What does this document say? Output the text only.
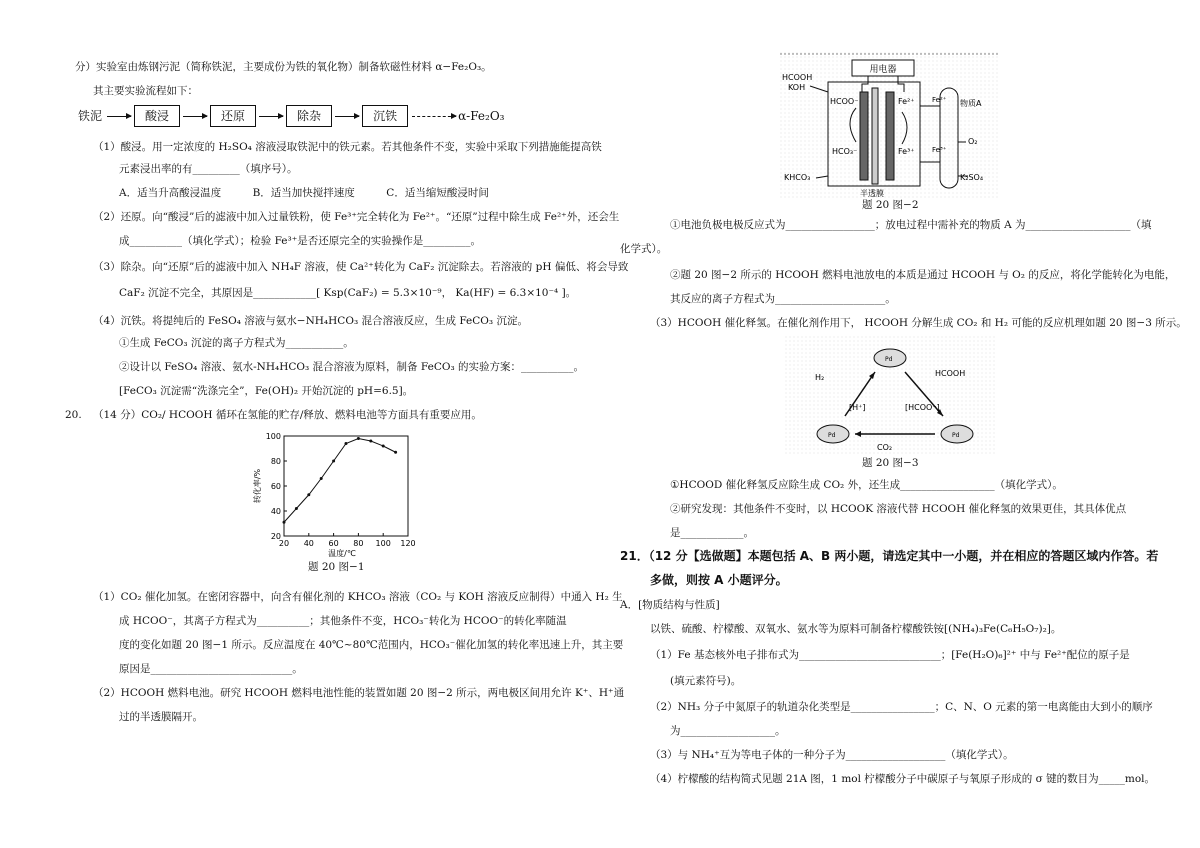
分）实验室由炼钢污泥（简称铁泥，主要成份为铁的氧化物）制备软磁性材料 α−Fe₂O₃。
其主要实验流程如下：
铁泥	酸浸	还原	除杂	沉铁	α-Fe₂O₃
（1）酸浸。用一定浓度的 H₂SO₄ 溶液浸取铁泥中的铁元素。若其他条件不变，实验中采取下列措施能提高铁
元素浸出率的有_________（填序号）。
A．适当升高酸浸温度　　　B．适当加快搅拌速度　　　C．适当缩短酸浸时间
（2）还原。向“酸浸”后的滤液中加入过量铁粉，使 Fe³⁺完全转化为 Fe²⁺。“还原”过程中除生成 Fe²⁺外，还会生
成__________（填化学式）；检验 Fe³⁺是否还原完全的实验操作是_________。
（3）除杂。向“还原”后的滤液中加入 NH₄F 溶液，使 Ca²⁺转化为 CaF₂ 沉淀除去。若溶液的 pH 偏低、将会导致
CaF₂ 沉淀不完全，其原因是____________[ Ksp(CaF₂) = 5.3×10⁻⁹， Ka(HF) = 6.3×10⁻⁴ ]。
（4）沉铁。将提纯后的 FeSO₄ 溶液与氨水−NH₄HCO₃ 混合溶液反应，生成 FeCO₃ 沉淀。
①生成 FeCO₃ 沉淀的离子方程式为___________。
②设计以 FeSO₄ 溶液、氨水-NH₄HCO₃ 混合溶液为原料，制备 FeCO₃ 的实验方案：__________。
[FeCO₃ 沉淀需“洗涤完全”，Fe(OH)₂ 开始沉淀的 pH=6.5]。
20. （14 分）CO₂/ HCOOH 循环在氢能的贮存/释放、燃料电池等方面具有重要应用。
20 40 60 80 100 120
20
40
60
80
100
温度/℃
转化率/%
题 20 图−1
（1）CO₂ 催化加氢。在密闭容器中，向含有催化剂的 KHCO₃ 溶液（CO₂ 与 KOH 溶液反应制得）中通入 H₂ 生
成 HCOO⁻，其离子方程式为__________；其他条件不变，HCO₃⁻转化为 HCOO⁻的转化率随温
度的变化如题 20 图−1 所示。反应温度在 40℃~80℃范围内，HCO₃⁻催化加氢的转化率迅速上升，其主要
原因是___________________________。
（2）HCOOH 燃料电池。研究 HCOOH 燃料电池性能的装置如题 20 图−2 所示，两电极区间用允许 K⁺、H⁺通
过的半透膜隔开。
用电器
HCOOH
KOH
HCOO⁻
HCO₃⁻
KHCO₃
半透膜
Fe²⁺
Fe³⁺
Fe²⁺
Fe³⁺
物质A
O₂
K₂SO₄
题 20 图−2
①电池负极电极反应式为_________________；放电过程中需补充的物质 A 为____________________（填
化学式）。
②题 20 图−2 所示的 HCOOH 燃料电池放电的本质是通过 HCOOH 与 O₂ 的反应，将化学能转化为电能，
其反应的离子方程式为_____________________。
（3）HCOOH 催化释氢。在催化剂作用下， HCOOH 分解生成 CO₂ 和 H₂ 可能的反应机理如题 20 图−3 所示。
Pd
Pd	Pd
H₂	HCOOH
[H⁺]	[HCOO⁻]
CO₂
题 20 图−3
①HCOOD 催化释氢反应除生成 CO₂ 外，还生成__________________（填化学式）。
②研究发现：其他条件不变时，以 HCOOK 溶液代替 HCOOH 催化释氢的效果更佳，其具体优点
是____________。
21．（12 分【选做题】本题包括 A、B 两小题，请选定其中一小题，并在相应的答题区域内作答。若
多做，则按 A 小题评分。
A．[物质结构与性质]
以铁、硫酸、柠檬酸、双氧水、氨水等为原料可制备柠檬酸铁铵[(NH₄)₃Fe(C₆H₅O₇)₂]。
（1）Fe 基态核外电子排布式为___________________________；[Fe(H₂O)₆]²⁺ 中与 Fe²⁺配位的原子是
(填元素符号)。
（2）NH₃ 分子中氮原子的轨道杂化类型是________________；C、N、O 元素的第一电离能由大到小的顺序
为__________________。
（3）与 NH₄⁺互为等电子体的一种分子为___________________（填化学式）。
（4）柠檬酸的结构简式见题 21A 图，1 mol 柠檬酸分子中碳原子与氧原子形成的 σ 键的数目为_____mol。
